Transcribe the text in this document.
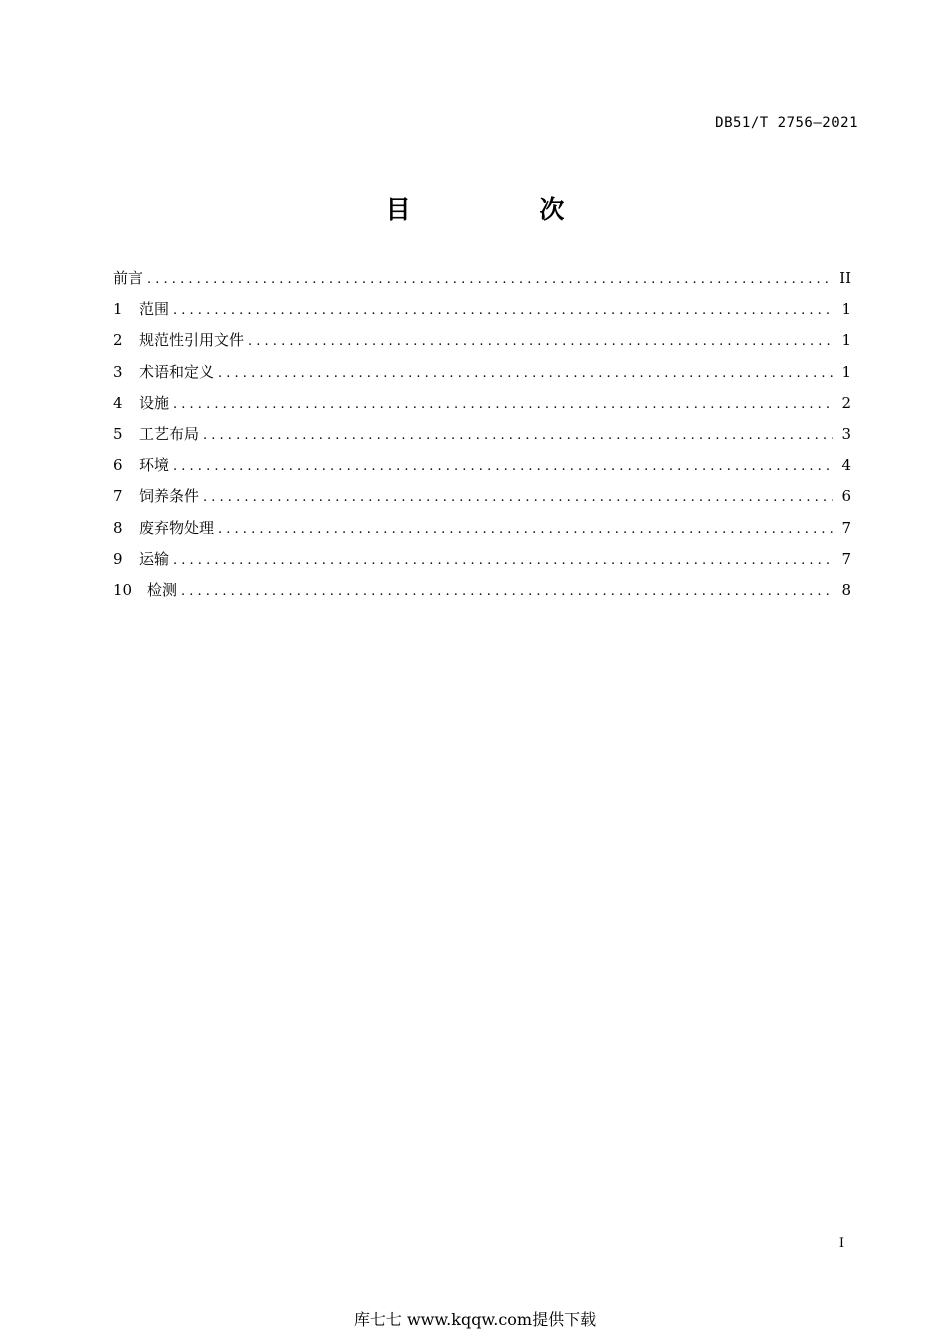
DB51/T 2756—2021
目 次
前言 . . .	II
1	范围 . . .	1
2	规范性引用文件 . . .	1
3	术语和定义 . . .	1
4	设施 . . .	2
5	工艺布局 . . .	3
6	环境 . . .	4
7	饲养条件 . . .	6
8	废弃物处理 . . .	7
9	运输 . . .	7
10 检测 . . .	8
I
库七七 www.kqqw.com提供下载
